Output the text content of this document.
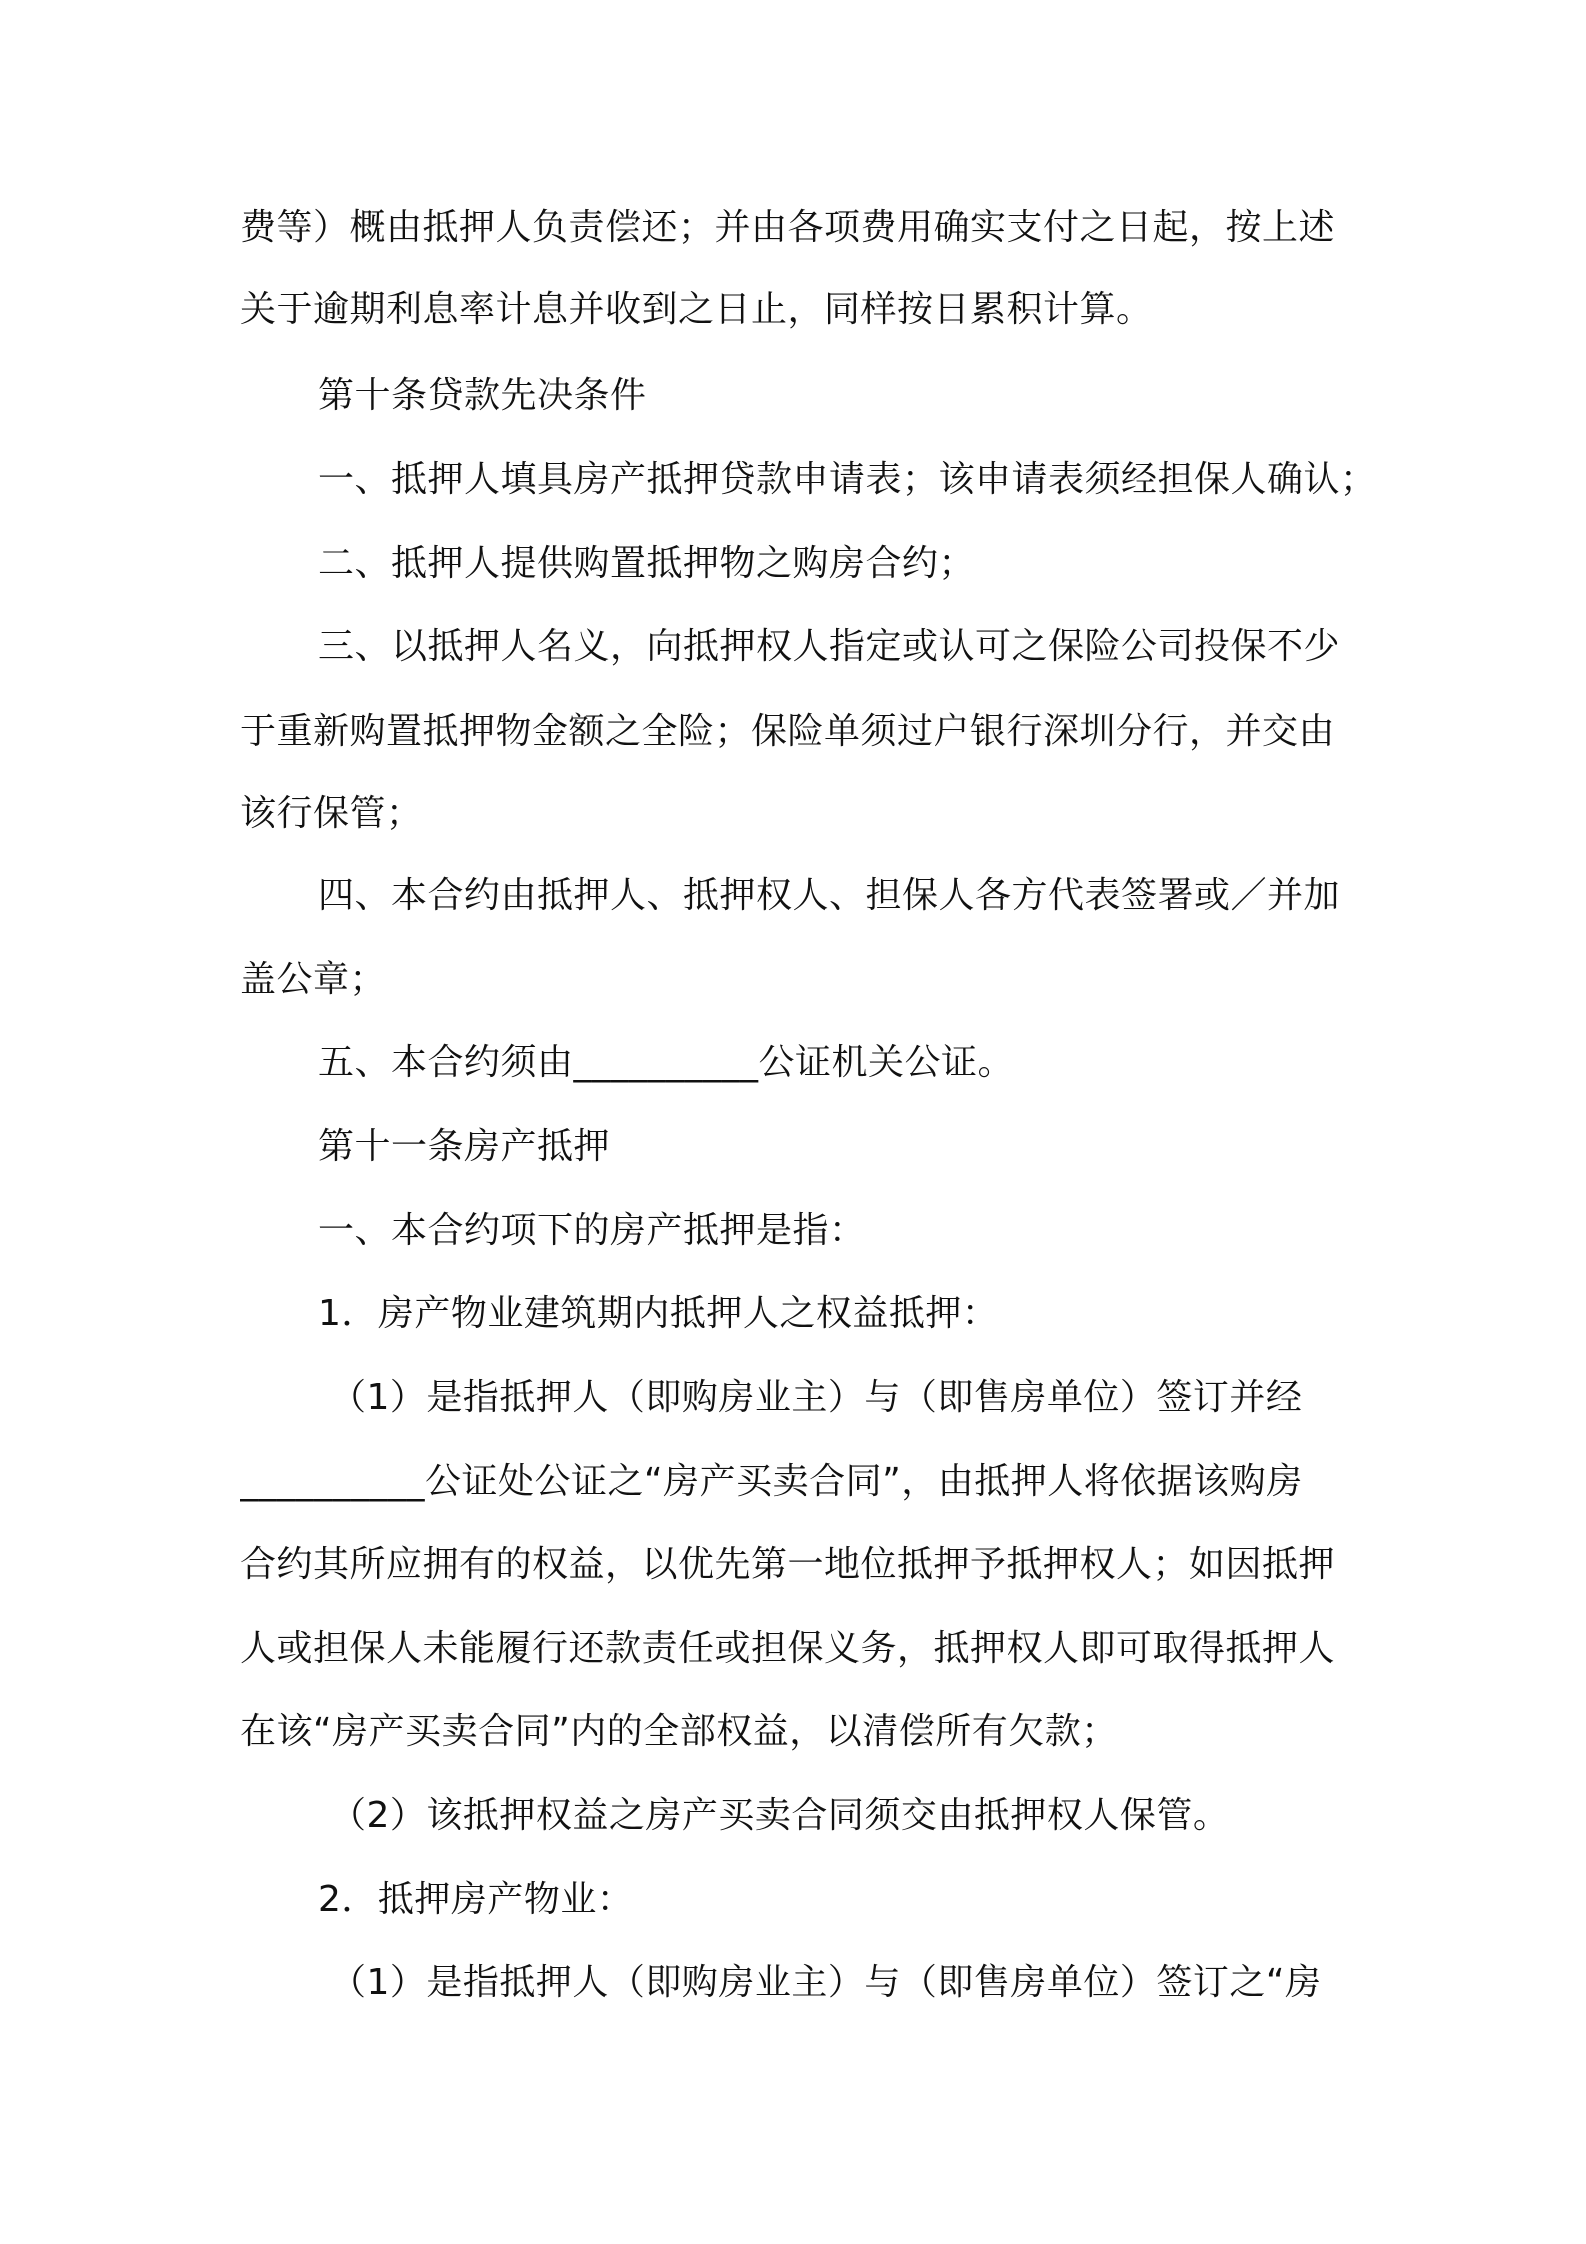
费等）概由抵押人负责偿还；并由各项费用确实支付之日起，按上述
关于逾期利息率计息并收到之日止，同样按日累积计算。
第十条贷款先决条件
一、抵押人填具房产抵押贷款申请表；该申请表须经担保人确认；
二、抵押人提供购置抵押物之购房合约；
三、以抵押人名义，向抵押权人指定或认可之保险公司投保不少
于重新购置抵押物金额之全险；保险单须过户银行深圳分行，并交由
该行保管；
四、本合约由抵押人、抵押权人、担保人各方代表签署或／并加
盖公章；
五、本合约须由__________公证机关公证。
第十一条房产抵押
一、本合约项下的房产抵押是指：
1．房产物业建筑期内抵押人之权益抵押：
（1）是指抵押人（即购房业主）与（即售房单位）签订并经
__________公证处公证之“房产买卖合同”，由抵押人将依据该购房
合约其所应拥有的权益，以优先第一地位抵押予抵押权人；如因抵押
人或担保人未能履行还款责任或担保义务，抵押权人即可取得抵押人
在该“房产买卖合同”内的全部权益，以清偿所有欠款；
（2）该抵押权益之房产买卖合同须交由抵押权人保管。
2．抵押房产物业：
（1）是指抵押人（即购房业主）与（即售房单位）签订之“房
